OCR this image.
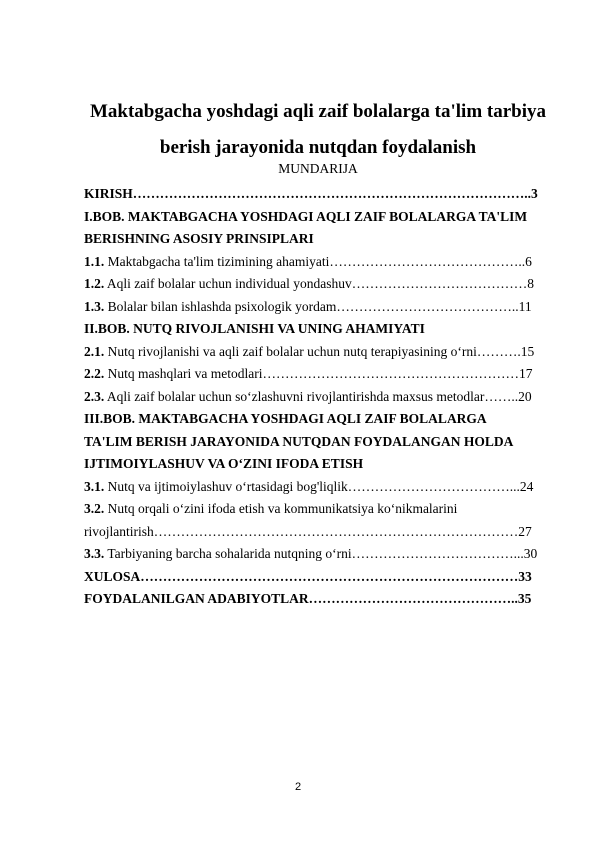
Maktabgacha yoshdagi aqli zaif bolalarga ta'lim tarbiya
berish jarayonida nutqdan foydalanish
MUNDARIJA
KIRISH……………………………………………………………………………..3
I.BOB. MAKTABGACHA YOSHDAGI AQLI ZAIF BOLALARGA TA'LIM
BERISHNING ASOSIY PRINSIPLARI
1.1. Maktabgacha ta'lim tizimining ahamiyati……………………………………..6
1.2. Aqli zaif bolalar uchun individual yondashuv…………………………………8
1.3. Bolalar bilan ishlashda psixologik yordam…………………………………..11
II.BOB. NUTQ RIVOJLANISHI VA UNING AHAMIYATI
2.1. Nutq rivojlanishi va aqli zaif bolalar uchun nutq terapiyasining o‘rni……….15
2.2. Nutq mashqlari va metodlari…………………………………………………17
2.3. Aqli zaif bolalar uchun so‘zlashuvni rivojlantirishda maxsus metodlar……..20
III.BOB. MAKTABGACHA YOSHDAGI AQLI ZAIF BOLALARGA
TA'LIM BERISH JARAYONIDA NUTQDAN FOYDALANGAN HOLDA
IJTIMOIYLASHUV VA O‘ZINI IFODA ETISH
3.1. Nutq va ijtimoiylashuv o‘rtasidagi bog'liqlik………………………………...24
3.2. Nutq orqali o‘zini ifoda etish va kommunikatsiya ko‘nikmalarini
rivojlantirish………………………………………………………………………27
3.3. Tarbiyaning barcha sohalarida nutqning o‘rni………………………………...30
XULOSA…………………………………………………………………………33
FOYDALANILGAN ADABIYOTLAR………………………………………..35
2
